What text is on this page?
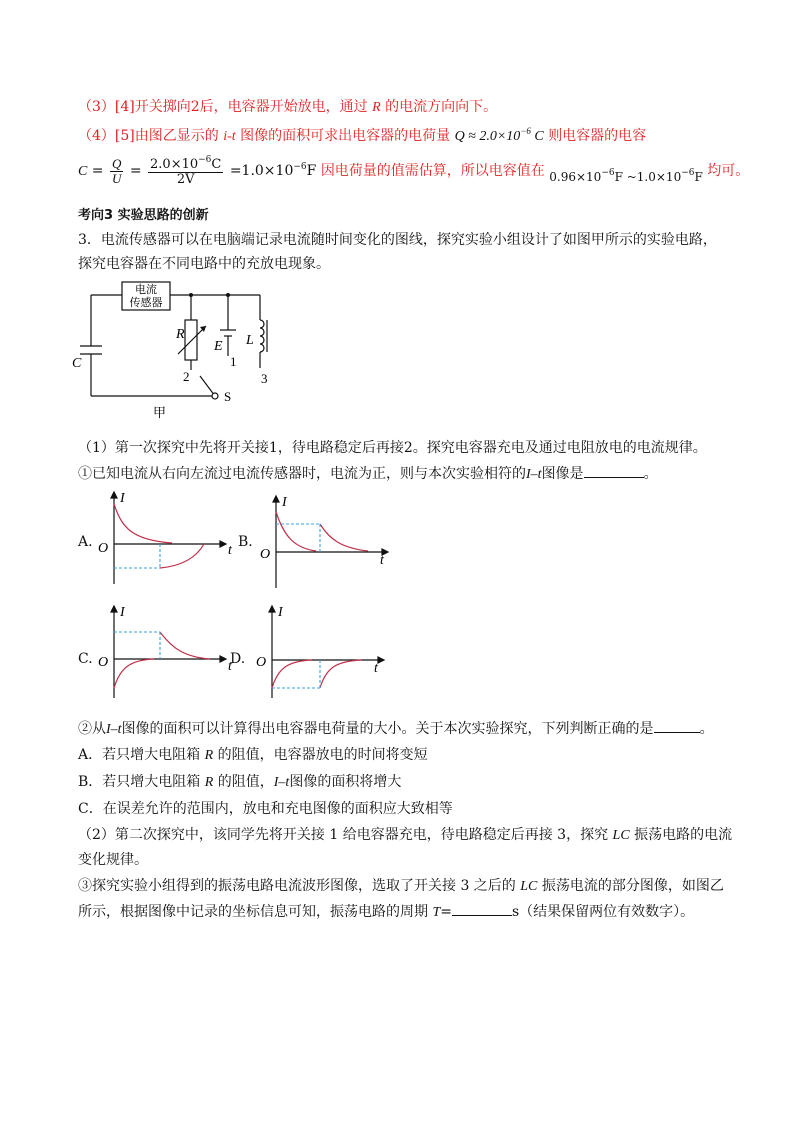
（3）[4]开关掷向2后，电容器开始放电，通过 R 的电流方向向下。
（4）[5]由图乙显示的 i-t 图像的面积可求出电容器的电荷量 $Q \approx 2.0\times 10^{-6}$ C 则电容器的电容
$C = \frac{Q}{U} = \frac{2.0\times 10^{-6}C}{2V} =1.0\times 10^{-6}F$ 因电荷量的值需估算，所以电容值在 $0.96\times 10^{-6}F$ $\sim 1.0\times 10^{-6}F$ 均可。
考向3 实验思路的创新
3．电流传感器可以在电脑端记录电流随时间变化的图线，探究实验小组设计了如图甲所示的实验电路，
探究电容器在不同电路中的充放电现象。
电流
传感器
C
R
E L
1
2	3
S
甲
（1）第一次探究中先将开关接1，待电路稳定后再接2。探究电容器充电及通过电阻放电的电流规律。
①已知电流从右向左流过电流传感器时，电流为正，则与本次实验相符的I–t图像是	。
A.
I
O	t
B.
I
O	t
C.
I
O	t
D.
I
O	t
②从I–t图像的面积可以计算得出电容器电荷量的大小。关于本次实验探究，下列判断正确的是	。
A．若只增大电阻箱 R 的阻值，电容器放电的时间将变短
B．若只增大电阻箱 R 的阻值，I–t图像的面积将增大
C．在误差允许的范围内，放电和充电图像的面积应大致相等
（2）第二次探究中，该同学先将开关接 1 给电容器充电，待电路稳定后再接 3，探究 LC 振荡电路的电流
变化规律。
③探究实验小组得到的振荡电路电流波形图像，选取了开关接 3 之后的 LC 振荡电流的部分图像，如图乙
所示，根据图像中记录的坐标信息可知，振荡电路的周期 T=	s（结果保留两位有效数字）。
